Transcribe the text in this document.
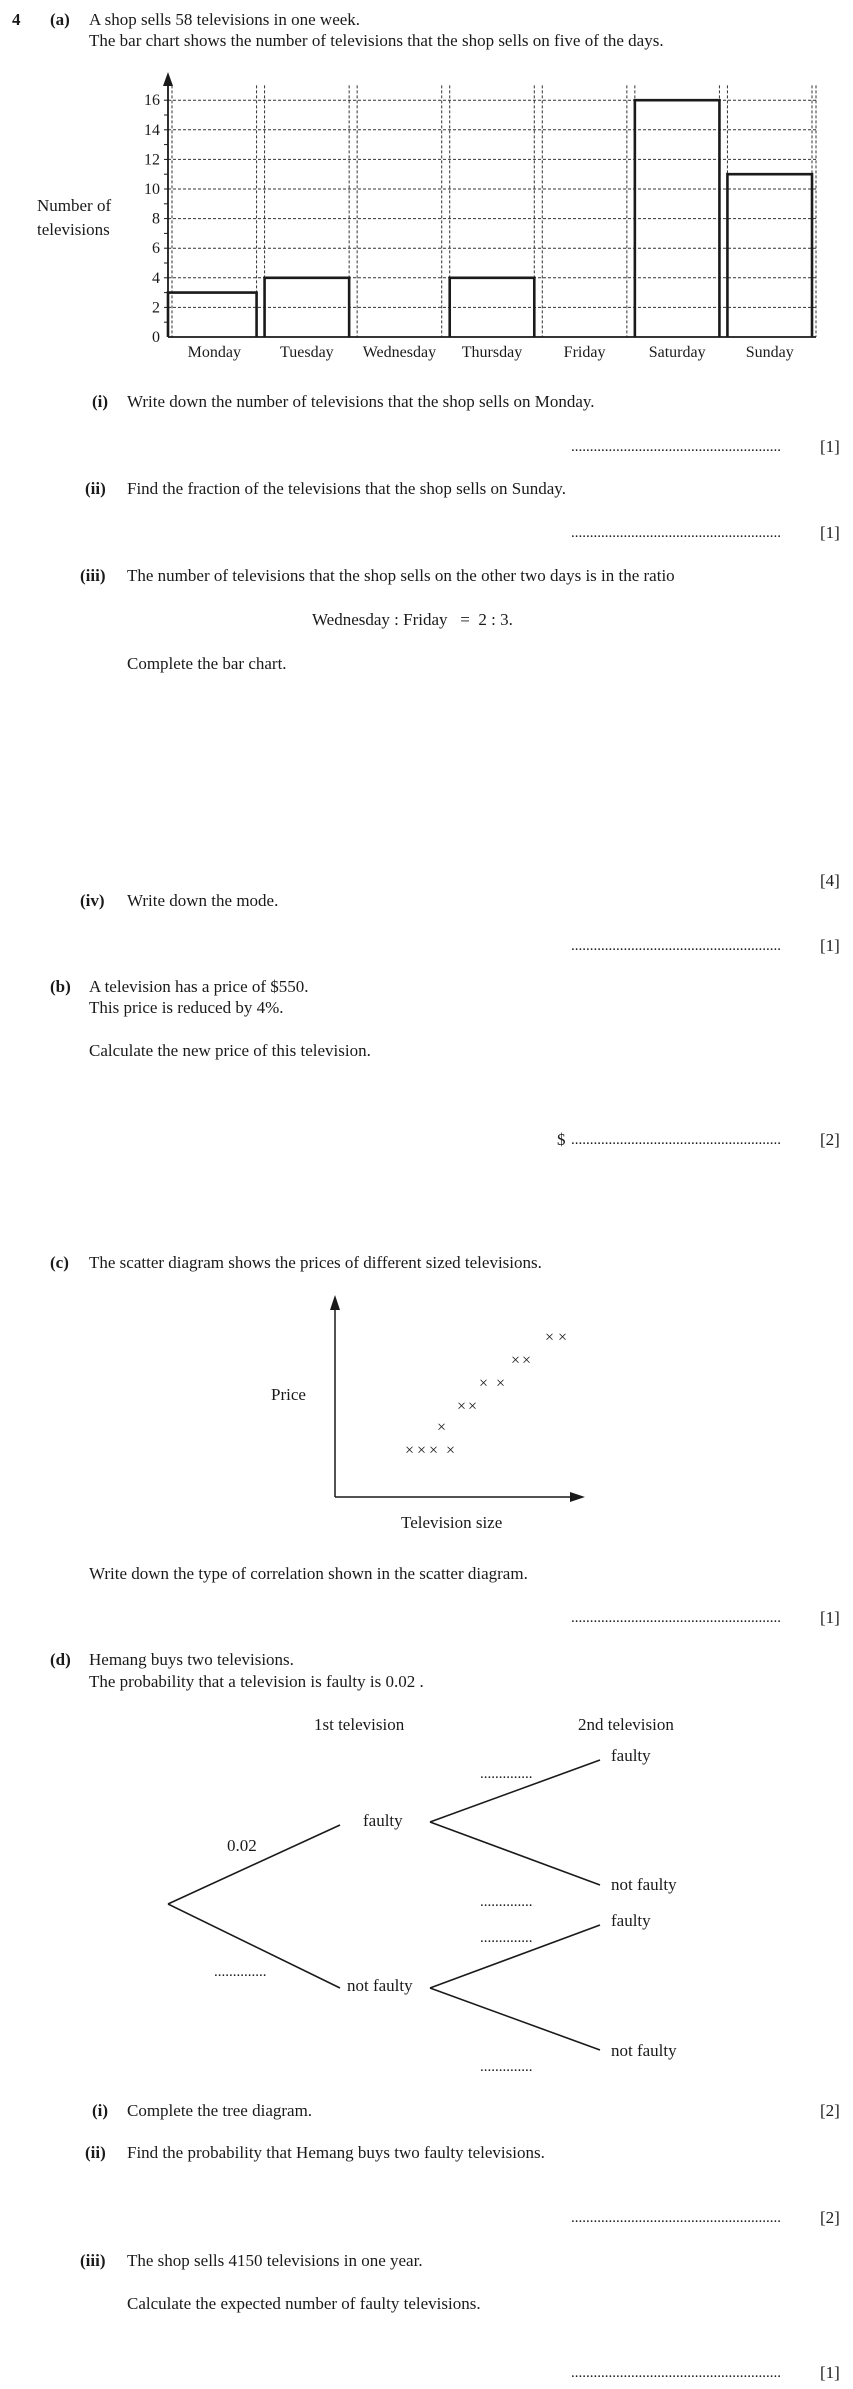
4 (a) A shop sells 58 televisions in one week.
The bar chart shows the number of televisions that the shop sells on five of the days.
Number of
televisions
0
2
4
6
8
10
12
14
16
Monday Tuesday Wednesday Thursday	Friday	Saturday	Sunday
(i) Write down the number of televisions that the shop sells on Monday.
........................................................ [1]
(ii) Find the fraction of the televisions that the shop sells on Sunday.
........................................................ [1]
(iii) The number of televisions that the shop sells on the other two days is in the ratio
Wednesday : Friday   =  2 : 3.
Complete the bar chart.
[4]
(iv) Write down the mode.
........................................................ [1]
(b) A television has a price of $550.
This price is reduced by 4%.
Calculate the new price of this television.
$ ........................................................ [2]
(c) The scatter diagram shows the prices of different sized televisions.
Price
Television size
× × × ×
×
× ×
× ×
× ×
× ×
Write down the type of correlation shown in the scatter diagram.
........................................................ [1]
(d) Hemang buys two televisions.
The probability that a television is faulty is 0.02 .
1st television	2nd television
0.02
..............
faulty
not faulty
..............
..............
..............
..............
faulty
not faulty
faulty
not faulty
(i) Complete the tree diagram.	[2]
(ii) Find the probability that Hemang buys two faulty televisions.
........................................................ [2]
(iii) The shop sells 4150 televisions in one year.
Calculate the expected number of faulty televisions.
........................................................ [1]
